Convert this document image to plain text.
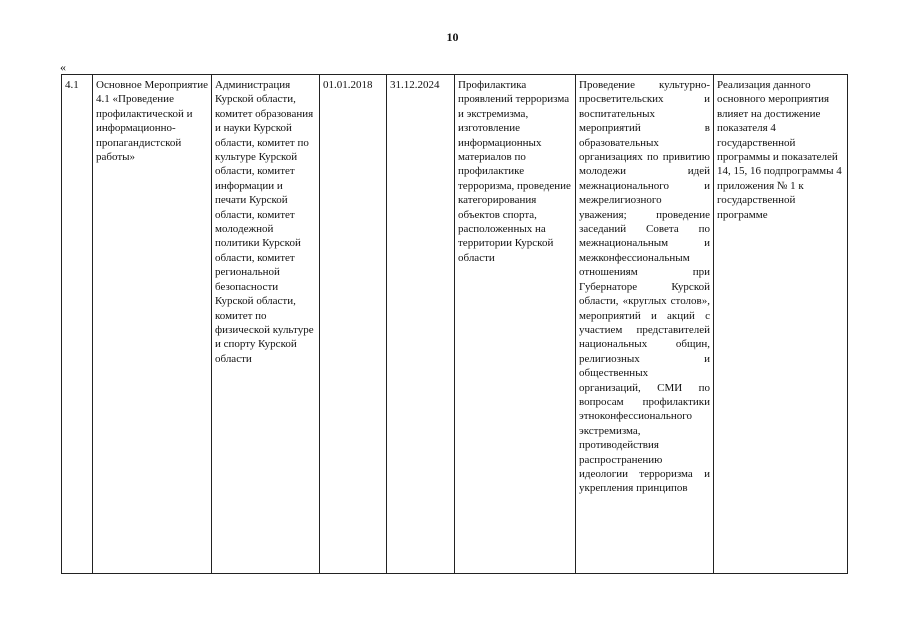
10
«
4.1	Основное Мероприятие 4.1 «Проведение профилактической и информационно-пропагандистской работы»	Администрация Курской области, комитет образования и науки Курской области, комитет по культуре Курской области, комитет информации и печати Курской области, комитет молодежной политики Курской области, комитет региональной безопасности Курской области, комитет по физической культуре и спорту Курской области	01.01.2018	31.12.2024	Профилактика проявлений терроризма и экстремизма, изготовление информационных материалов по профилактике терроризма, проведение категорирования объектов спорта, расположенных на территории Курской области	Проведение культурно-просветительских и воспитательных мероприятий в образовательных организациях по привитию молодежи идей межнационального и межрелигиозного уважения; проведение заседаний Совета по межнациональным и межконфессиональным отношениям при Губернаторе Курской области, «круглых столов», мероприятий и акций с участием представителей национальных общин, религиозных и общественных организаций, СМИ по вопросам профилактики этноконфессионального экстремизма, противодействия распространению идеологии терроризма и укрепления принципов	Реализация данного основного мероприятия влияет на достижение показателя 4 государственной программы и показателей 14, 15, 16 подпрограммы 4 приложения № 1 к государственной программе
